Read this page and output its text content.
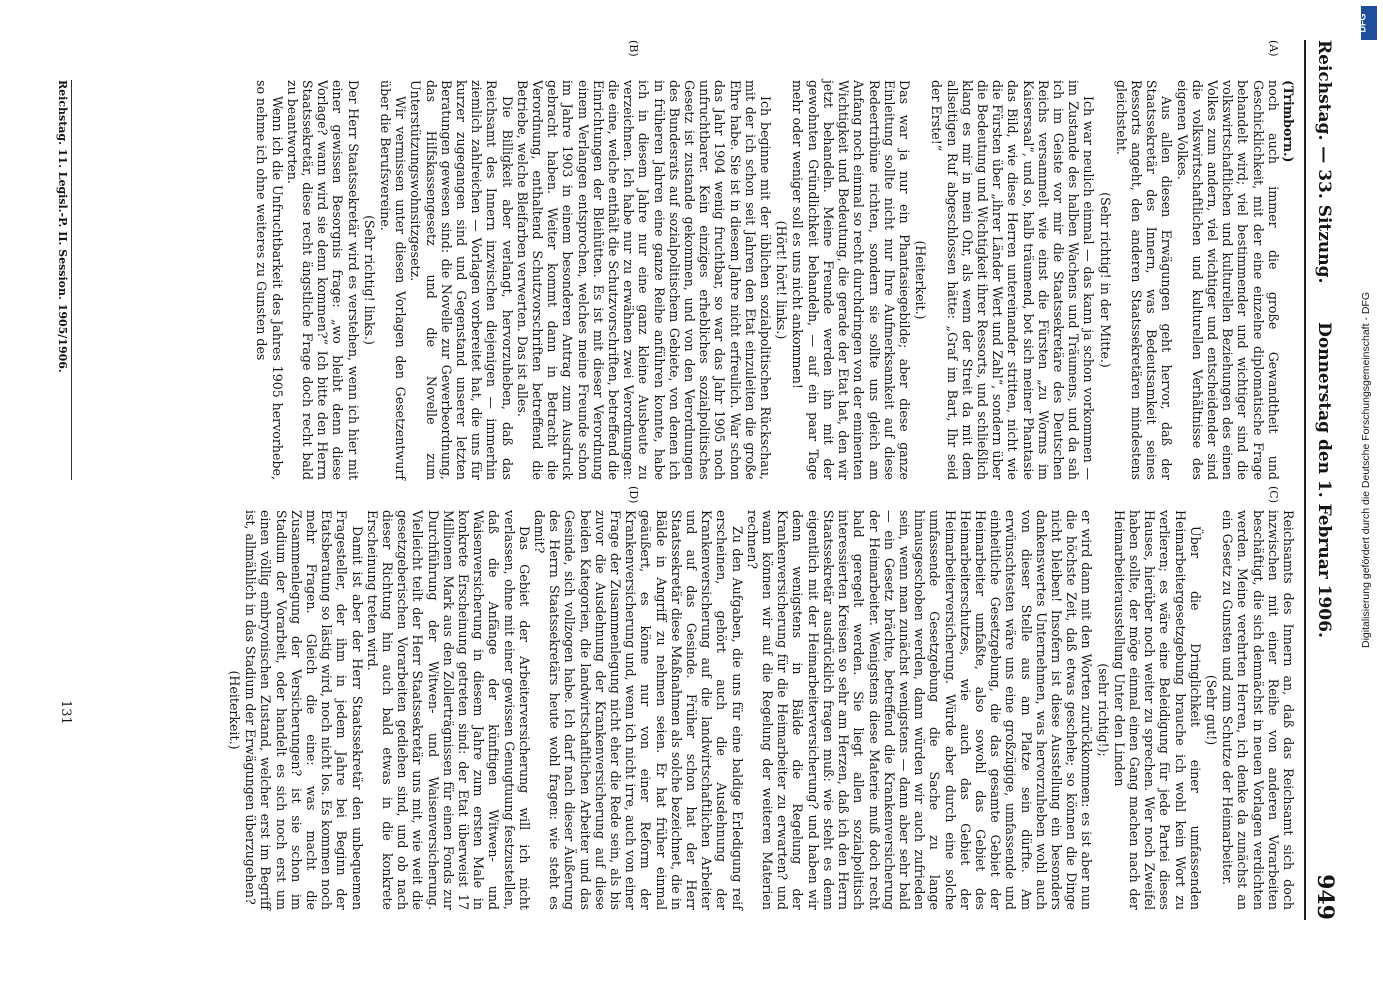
Reichstag. — 33. Sitzung.
Donnerstag den 1. Februar 1906.
949
(A)
(B)
(C)
(D)

(Trimborn.)

noch auch immer die große Gewandtheit und Geschicklichkeit, mit der eine einzelne diplomatische Frage behandelt wird; viel bestimmender und wichtiger sind die volkswirtschaftlichen und kulturellen Beziehungen des einen Volkes zum andern, viel wichtiger und entscheidender sind die volkswirtschaftlichen und kulturellen Verhältnisse des eigenen Volkes.

Aus allen diesen Erwägungen geht hervor, daß der Staatssekretär des Innern, was Bedeutsamkeit seines Ressorts angeht, den anderen Staatssekretären mindestens gleichsteht.

(Sehr richtig! in der Mitte.)

Ich war neulich einmal — das kann ja schon vorkommen — im Zustande des halben Wachens und Träumens, und da sah ich im Geiste vor mir die Staatssekretäre des Deutschen Reichs versammelt wie einst die Fürsten „zu Worms im Kaisersaal“, und so, halb träumend, bot sich meiner Phantasie das Bild, wie diese Herren untereinander stritten, nicht wie die Fürsten über „ihrer Länder Wert und Zahl“, sondern über die Bedeutung und Wichtigkeit ihrer Ressorts, und schließlich klang es mir in mein Ohr, als wenn der Streit da mit dem allseitigen Ruf abgeschlossen hätte: „Graf im Bart, Ihr seid der Erste!“

(Heiterkeit.)

Das war ja nur ein Phantasiegebilde; aber diese ganze Einleitung sollte nicht nur Ihre Aufmerksamkeit auf diese Redeertribüne richten, sondern sie sollte uns gleich am Anfang noch einmal so recht durchdringen von der eminenten Wichtigkeit und Bedeutung, die gerade der Etat hat, den wir jetzt behandeln. Meine Freunde werden ihn mit der gewohnten Gründlichkeit behandeln, — auf ein paar Tage mehr oder weniger soll es uns nicht ankommen!

(Hört! hört! links.)

Ich beginne mit der üblichen sozialpolitischen Rückschau, mit der ich schon seit Jahren den Etat einzuleiten die große Ehre habe. Sie ist in diesem Jahre nicht erfreulich. War schon das Jahr 1904 wenig fruchtbar, so war das Jahr 1905 noch unfruchtbarer. Kein einziges erhebliches sozialpolitisches Gesetz ist zustande gekommen, und von den Verordnungen des Bundesrats auf sozialpolitischem Gebiete, von denen ich in früheren Jahren eine ganze Reihe anführen konnte, habe ich in diesem Jahre nur eine ganz kleine Ausbeute zu verzeichnen. Ich habe nur zu erwähnen zwei Verordnungen: die eine, welche enthält die Schutzvorschriften, betreffend die Einrichtungen der Bleihütten. Es ist mit dieser Verordnung einem Verlangen entsprochen, welches meine Freunde schon im Jahre 1903 in einem besonderen Antrag zum Ausdruck gebracht haben. Weiter kommt dann in Betracht die Verordnung, enthaltend Schutzvorschriften betreffend die Betriebe, welche Bleifarben verwerten. Das ist alles.

Die Billigkeit aber verlangt, hervorzuheben, daß das Reichsamt des Innern inzwischen diejenigen — immerhin ziemlich zahlreichen — Vorlagen vorbereitet hat, die uns für kurzer zugegangen sind und Gegenstand unserer letzten Beratungen gewesen sind: die Novelle zur Gewerbeordnung, das Hilfskassengesetz und die Novelle zum Unterstützungswohnsitzgesetz.

Wir vermissen unter diesen Vorlagen den Gesetzentwurf über die Berufsvereine.

(Sehr richtig! links.)

Der Herr Staatssekretär wird es verstehen, wenn ich hier mit einer gewissen Besorgnis frage: „wo bleibt denn diese Vorlage? wann wird sie denn kommen?“ Ich bitte den Herrn Staatssekretär, diese recht ängstliche Frage doch recht bald zu beantworten.

Wenn ich die Unfruchtbarkeit des Jahres 1905 hervorhebe, so nehme ich ohne weiteres zu Gunsten des

Reichsamts des Innern an, daß das Reichsamt sich doch inzwischen mit einer Reihe von anderen Vorarbeiten beschäftigt, die sich demnächst in neuen Vorlagen verdichten werden. Meine verehrten Herren, ich denke da zunächst an ein Gesetz zu Gunsten und zum Schutze der Heimarbeiter.

(Sehr gut!)

Über die Dringlichkeit einer umfassenden Heimarbeitergesetzgebung brauche ich wohl kein Wort zu verlieren; es wäre eine Beleidigung für jede Partei dieses Hauses, hierüber noch weiter zu sprechen. Wer noch Zweifel haben sollte, der möge einmal einen Gang machen nach der Heimarbeiterausstellung Unter den Linden

(sehr richtig!);

er wird dann mit den Worten zurückkommen: es ist aber nun die höchste Zeit, daß etwas geschehe; so können die Dinge nicht bleiben! Insofern ist diese Ausstellung ein besonders dankenswertes Unternehmen, was hervorzuheben wohl auch von dieser Stelle aus am Platze sein dürfte. Am erwünschtesten wäre uns eine großzügige, umfassende und einheitliche Gesetzgebung, die das gesamte Gebiet der Heimarbeiter umfaßte, also sowohl das Gebiet des Heimarbeiterschutzes, wie auch das Gebiet der Heimarbeiterversicherung. Würde aber durch eine solche umfassende Gesetzgebung die Sache zu lange hinausgeschoben werden, dann würden wir auch zufrieden sein, wenn man zunächst wenigstens — dann aber sehr bald — ein Gesetz brächte, betreffend die Krankenversicherung der Heimarbeiter. Wenigstens diese Materie muß doch recht bald geregelt werden. Sie liegt allen sozialpolitisch interessierten Kreisen so sehr am Herzen, daß ich den Herrn Staatssekretär ausdrücklich fragen muß: wie steht es denn eigentlich mit der Heimarbeiterversicherung? und haben wir denn wenigstens in Bälde die Regelung der Krankenversicherung für die Heimarbeiter zu erwarten? und wann können wir auf die Regelung der weiteren Materien rechnen?

Zu den Aufgaben, die uns für eine baldige Erledigung reif erscheinen, gehört auch die Ausdehnung der Krankenversicherung auf die landwirtschaftlichen Arbeiter und auf das Gesinde. Früher schon hat der Herr Staatssekretär diese Maßnahmen als solche bezeichnet, die in Bälde in Angriff zu nehmen seien. Er hat früher einmal geäußert, es könne nur von einer Reform der Krankenversicherung und, wenn ich nicht irre, auch von einer Frage der Zusammenlegung nicht eher die Rede sein, als bis zuvor die Ausdehnung der Krankenversicherung auf diese beiden Kategorien, die landwirtschaftlichen Arbeiter und das Gesinde, sich vollzogen habe. Ich darf nach dieser Äußerung des Herrn Staatssekretärs heute wohl fragen: wie steht es damit?

Das Gebiet der Arbeiterversicherung will ich nicht verlassen, ohne mit einer gewissen Genugtuung festzustellen, daß die Anfänge der künftigen Witwen- und Waisenversicherung in diesem Jahre zum ersten Male in konkrete Erscheinung getreten sind: der Etat überweist 17 Millionen Mark aus den Zollerträgnissen für einen Fonds zur Durchführung der Witwen- und Waisenversicherung. Vielleicht teilt der Herr Staatssekretär uns mit, wie weit die gesetzgeberischen Vorarbeiten gediehen sind, und ob nach dieser Richtung hin auch bald etwas in die konkrete Erscheinung treten wird.

Damit ist aber der Herr Staatssekretär den unbequemen Fragesteller, der ihm in jedem Jahre bei Beginn der Etatsberatung so lästig wird, noch nicht los. Es kommen noch mehr Fragen. Gleich die eine: was macht die Zusammenlegung der Versicherungen? ist sie schon im Stadium der Vorarbeit, oder handelt es sich noch erst um einen völlig embryonischen Zustand, welcher erst im Begriff ist, allmählich in das Stadium der Erwägungen überzugehen?

(Heiterkeit.)

Reichstag. 11. Legisl.-P. II. Session. 1905/1906.
131
Digitalisierung gefördert durch die Deutsche Forschungsgemeinschaft - DFG
DFG
